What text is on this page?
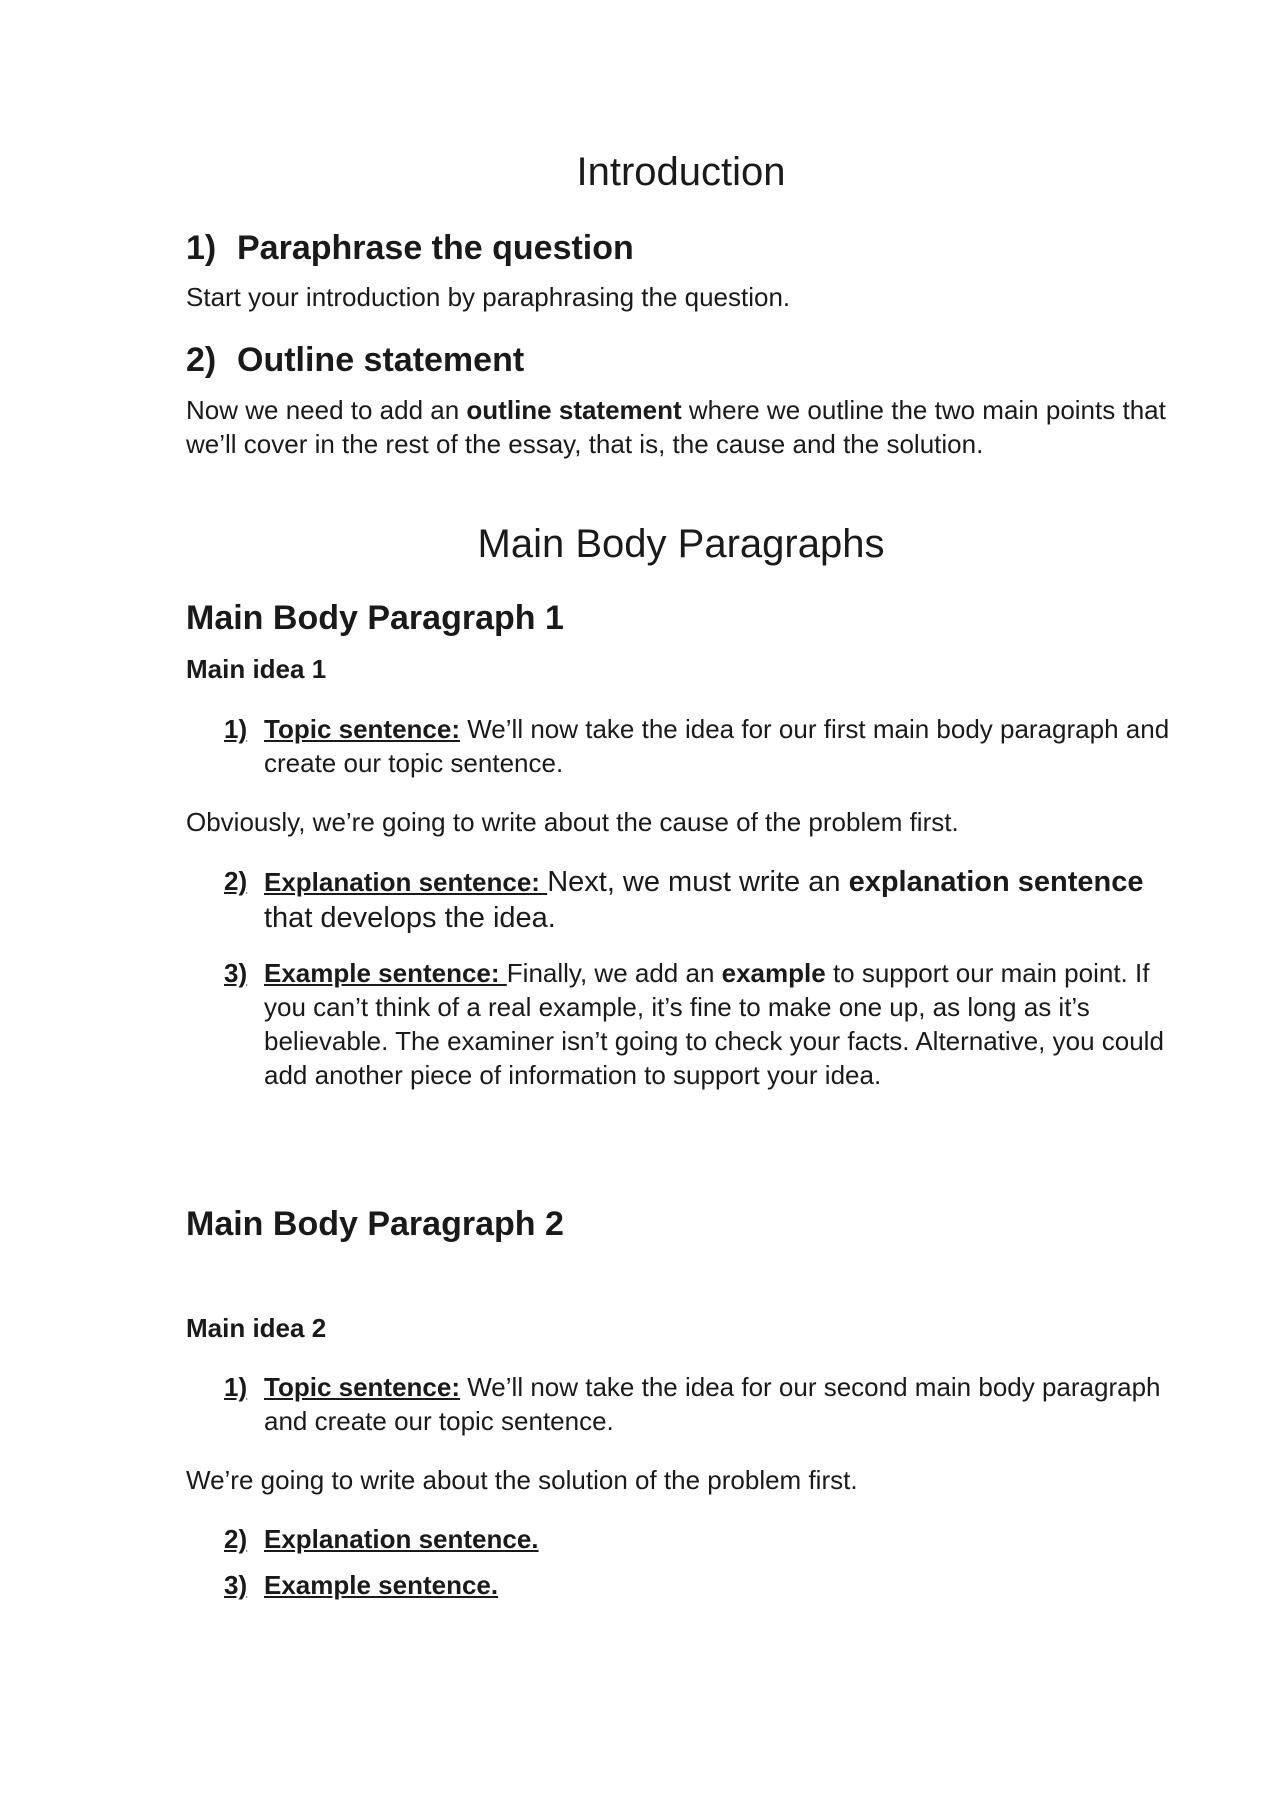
Introduction
1) Paraphrase the question

Start your introduction by paraphrasing the question.

2) Outline statement

Now we need to add an outline statement where we outline the two main points that we’ll cover in the rest of the essay, that is, the cause and the solution.

Main Body Paragraphs
Main Body Paragraph 1
Main idea 1

1) Topic sentence: We’ll now take the idea for our first main body paragraph and create our topic sentence.

Obviously, we’re going to write about the cause of the problem first.

2) Explanation sentence: Next, we must write an explanation sentence that develops the idea.

3) Example sentence: Finally, we add an example to support our main point. If you can’t think of a real example, it’s fine to make one up, as long as it’s believable. The examiner isn’t going to check your facts. Alternative, you could add another piece of information to support your idea.

Main Body Paragraph 2
Main idea 2

1) Topic sentence: We’ll now take the idea for our second main body paragraph and create our topic sentence.

We’re going to write about the solution of the problem first.

2) Explanation sentence.

3) Example sentence.
